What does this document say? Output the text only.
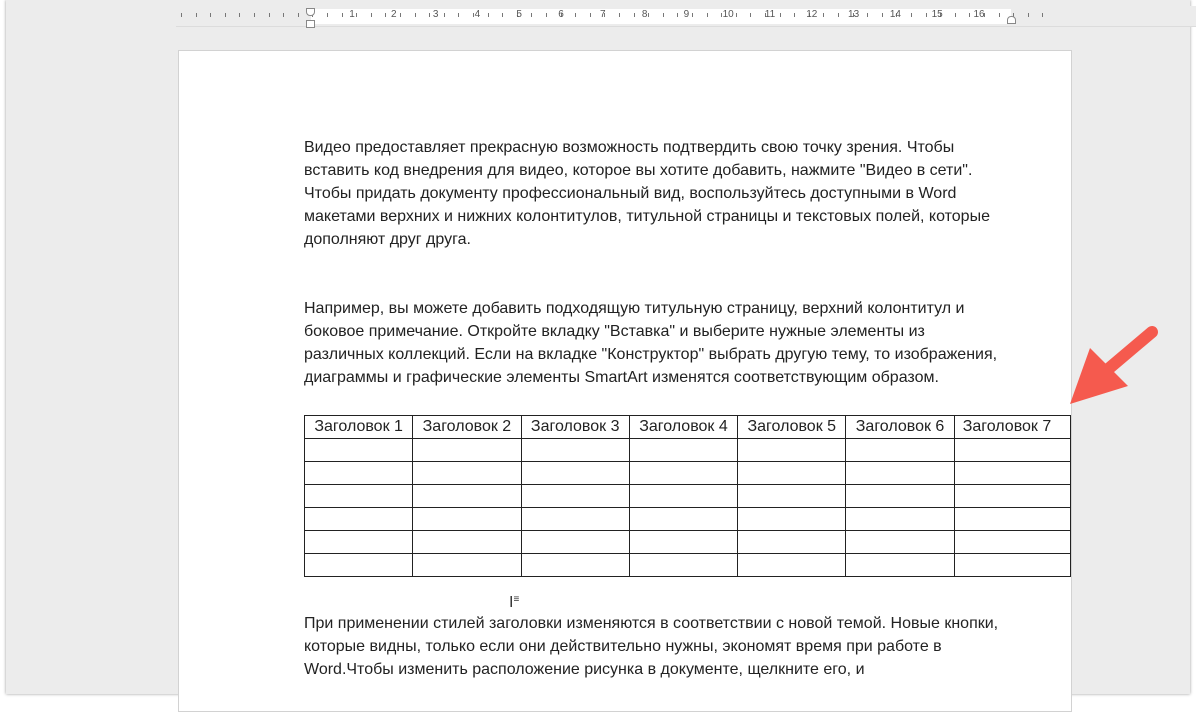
1	2	3	4	5	6	7	8	9	10	11	12	13	14	15	16
Видео предоставляет прекрасную возможность подтвердить свою точку зрения. Чтобы вставить код внедрения для видео, которое вы хотите добавить, нажмите "Видео в сети". Чтобы придать документу профессиональный вид, воспользуйтесь доступными в Word макетами верхних и нижних колонтитулов, титульной страницы и текстовых полей, которые дополняют друг друга.
Например, вы можете добавить подходящую титульную страницу, верхний колонтитул и боковое примечание. Откройте вкладку "Вставка" и выберите нужные элементы из различных коллекций. Если на вкладке "Конструктор" выбрать другую тему, то изображения, диаграммы и графические элементы SmartArt изменятся соответствующим образом.
Заголовок 1	Заголовок 2	Заголовок 3	Заголовок 4	Заголовок 5	Заголовок 6	Заголовок 7

I≡
При применении стилей заголовки изменяются в соответствии с новой темой. Новые кнопки, которые видны, только если они действительно нужны, экономят время при работе в Word.Чтобы изменить расположение рисунка в документе, щелкните его, и
